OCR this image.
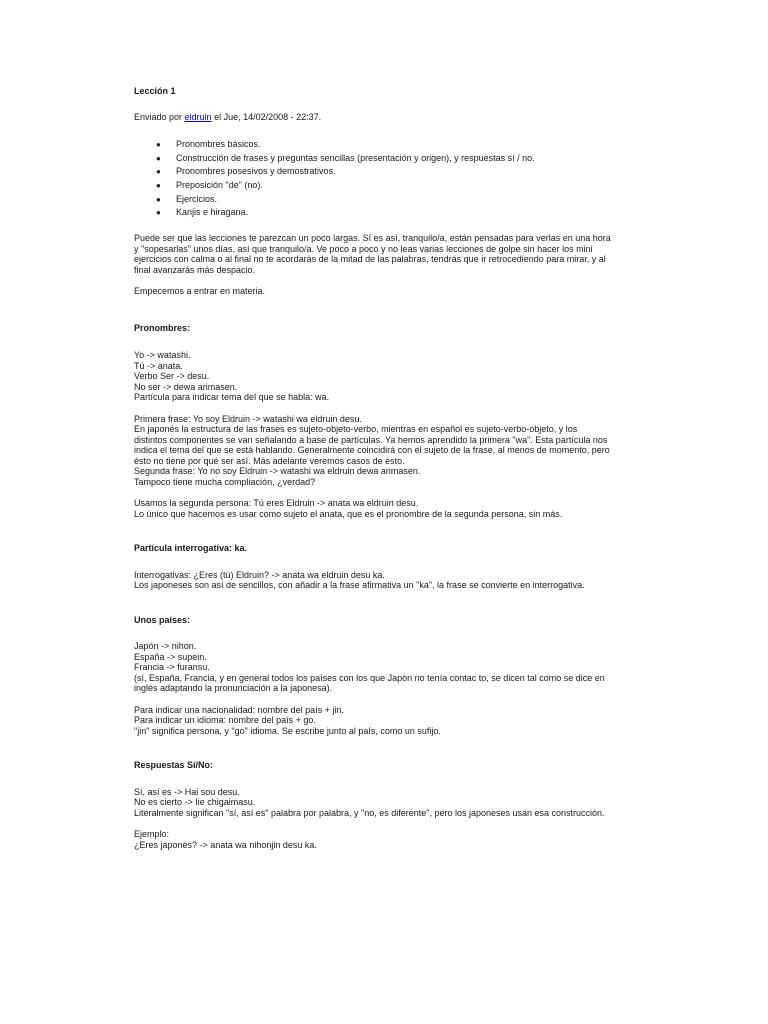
Lección 1

Enviado por eldruin el Jue, 14/02/2008 - 22:37.

● Pronombres básicos.
● Construcción de frases y preguntas sencillas (presentación y origen), y respuestas sí / no.
● Pronombres posesivos y demostrativos.
● Preposición "de" (no).
● Ejercicios.
● Kanjis e hiragana.

Puede ser que las lecciones te parezcan un poco largas. Sí es así, tranquilo/a, están pensadas para verlas en una hora
y "sopesarlas" unos días, así que tranquilo/a. Ve poco a poco y no leas varias lecciones de golpe sin hacer los mini
ejercicios con calma o al final no te acordarás de la mitad de las palabras, tendrás que ir retrocediendo para mirar, y al
final avanzarás más despacio.

Empecemos a entrar en materia.

Pronombres:

Yo -> watashi.
Tú -> anata.
Verbo Ser -> desu.
No ser -> dewa arimasen.
Partícula para indicar tema del que se habla: wa.

Primera frase: Yo soy Eldruin -> watashi wa eldruin desu.
En japonés la estructura de las frases es sujeto-objeto-verbo, mientras en español es sujeto-verbo-objeto, y los
distintos componentes se van señalando a base de partículas. Ya hemos aprendido la primera "wa". Esta partícula nos
indica el tema del que se está hablando. Generalmente coincidirá con el sujeto de la frase, al menos de momento, pero
ésto no tiene por qué ser así. Más adelante veremos casos de esto.
Segunda frase: Yo no soy Eldruin -> watashi wa eldruin dewa arimasen.
Tampoco tiene mucha compliación, ¿verdad?

Usamos la segunda persona: Tú eres Eldruin -> anata wa eldruin desu.
Lo único que hacemos es usar como sujeto el anata, que es el pronombre de la segunda persona, sin más.

Partícula interrogativa: ka.

Interrogativas: ¿Eres (tú) Eldruin? -> anata wa eldruin desu ka.
Los japoneses son así de sencillos, con añadir a la frase afirmativa un "ka", la frase se convierte en interrogativa.

Unos países:

Japón -> nihon.
España -> supein.
Francia -> furansu.
(sí, España, Francia, y en general todos los países con los que Japón no tenía contac to, se dicen tal como se dice en
inglés adaptando la pronunciación a la japonesa).

Para indicar una nacionalidad: nombre del país + jin.
Para indicar un idioma: nombre del país + go.
"jin" significa persona, y "go" idioma. Se escribe junto al país, como un sufijo.

Respuestas Sí/No:

Sí, así es -> Hai sou desu.
No es cierto -> Iie chigaimasu.
Literalmente significan "sí, así es" palabra por palabra, y "no, es diferente", pero los japoneses usan esa construcción.

Ejemplo:
¿Eres japonés? -> anata wa nihonjin desu ka.
